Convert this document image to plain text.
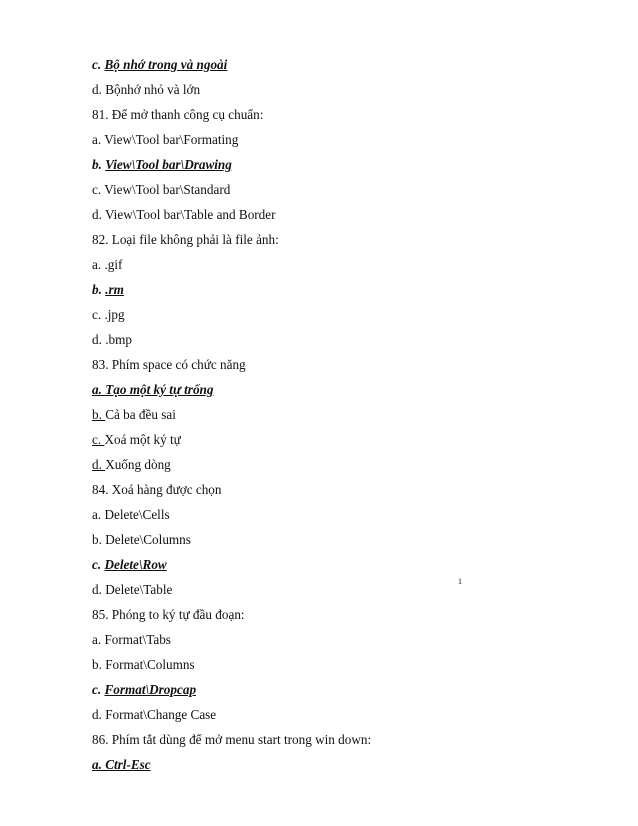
c. Bộ nhớ trong và ngoài
d. Bộnhớ nhỏ và lớn
81. Để mở thanh công cụ chuẩn:
a. View\Tool bar\Formating
b. View\Tool bar\Drawing
c. View\Tool bar\Standard
d. View\Tool bar\Table and Border
82. Loại file không phải là file ảnh:
a. .gif
b. .rm
c. .jpg
d. .bmp
83. Phím space có chức năng
a. Tạo một ký tự trống
b. Cả ba đều sai
c. Xoá một ký tự
d. Xuống dòng
84. Xoá hàng được chọn
a. Delete\Cells
b. Delete\Columns
c. Delete\Row
d. Delete\Table
1
85. Phóng to ký tự đầu đoạn:
a. Format\Tabs
b. Format\Columns
c. Format\Dropcap
d. Format\Change Case
86. Phím tắt dùng để mở menu start trong win down:
a. Ctrl-Esc
